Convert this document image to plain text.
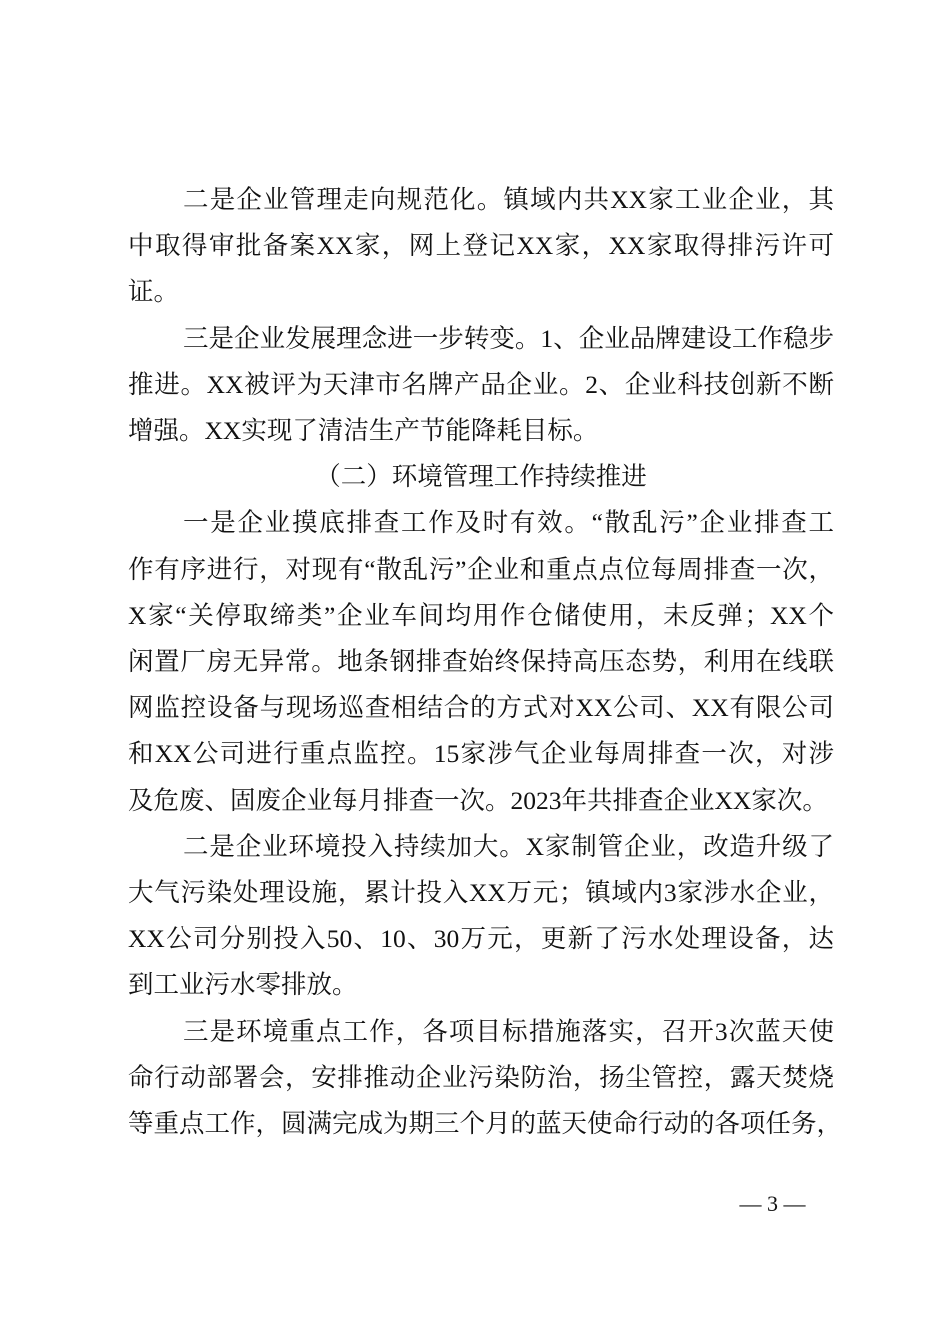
二是企业管理走向规范化。镇域内共XX家工业企业，其
中取得审批备案XX家，网上登记XX家，XX家取得排污许可
证。
三是企业发展理念进一步转变。1、企业品牌建设工作稳步
推进。XX被评为天津市名牌产品企业。2、企业科技创新不断
增强。XX实现了清洁生产节能降耗目标。
（二）环境管理工作持续推进
一是企业摸底排查工作及时有效。“散乱污”企业排查工
作有序进行，对现有“散乱污”企业和重点点位每周排查一次，
X家“关停取缔类”企业车间均用作仓储使用，未反弹；XX个
闲置厂房无异常。地条钢排查始终保持高压态势，利用在线联
网监控设备与现场巡查相结合的方式对XX公司、XX有限公司
和XX公司进行重点监控。15家涉气企业每周排查一次，对涉
及危废、固废企业每月排查一次。2023年共排查企业XX家次。
二是企业环境投入持续加大。X家制管企业，改造升级了
大气污染处理设施，累计投入XX万元；镇域内3家涉水企业，
XX公司分别投入50、10、30万元，更新了污水处理设备，达
到工业污水零排放。
三是环境重点工作，各项目标措施落实，召开3次蓝天使
命行动部署会，安排推动企业污染防治，扬尘管控，露天焚烧
等重点工作，圆满完成为期三个月的蓝天使命行动的各项任务，
— 3 —
